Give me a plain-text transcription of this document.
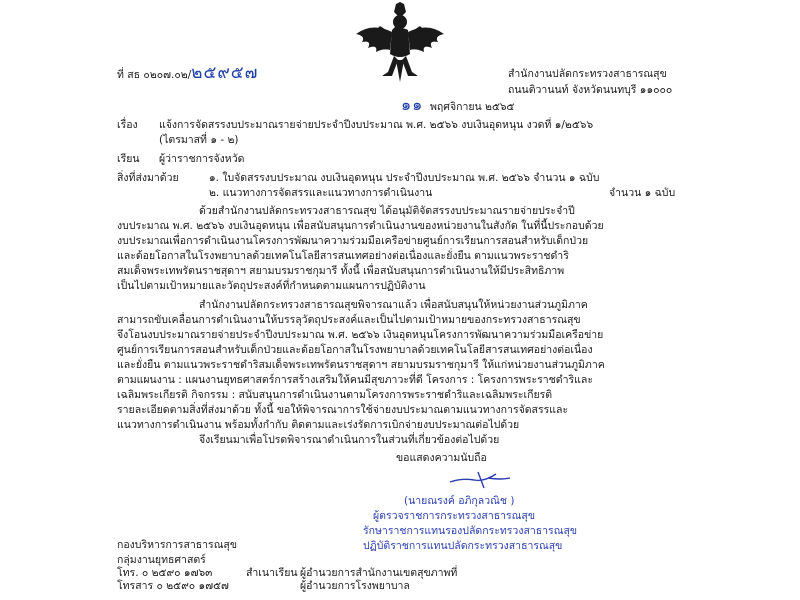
ที่ สธ ๐๒๐๗.๐๒/๒๕๙๕๗	สำนักงานปลัดกระทรวงสาธารณสุข
ถนนติวานนท์ จังหวัดนนทบุรี ๑๑๐๐๐
๑๑ พฤศจิกายน ๒๕๖๕
เรื่อง แจ้งการจัดสรรงบประมาณรายจ่ายประจำปีงบประมาณ พ.ศ. ๒๕๖๖ งบเงินอุดหนุน งวดที่ ๑/๒๕๖๖
(ไตรมาสที่ ๑ - ๒)
เรียน ผู้ว่าราชการจังหวัด
สิ่งที่ส่งมาด้วย	๑. ใบจัดสรรงบประมาณ งบเงินอุดหนุน ประจำปีงบประมาณ พ.ศ. ๒๕๖๖ จำนวน ๑ ฉบับ
๒. แนวทางการจัดสรรและแนวทางการดำเนินงาน	จำนวน ๑ ฉบับ
ด้วยสำนักงานปลัดกระทรวงสาธารณสุข ได้อนุมัติจัดสรรงบประมาณรายจ่ายประจำปี
งบประมาณ พ.ศ. ๒๕๖๖ งบเงินอุดหนุน เพื่อสนับสนุนการดำเนินงานของหน่วยงานในสังกัด ในที่นี้ประกอบด้วย
งบประมาณเพื่อการดำเนินงานโครงการพัฒนาความร่วมมือเครือข่ายศูนย์การเรียนการสอนสำหรับเด็กป่วย
และด้อยโอกาสในโรงพยาบาลด้วยเทคโนโลยีสารสนเทศอย่างต่อเนื่องและยั่งยืน ตามแนวพระราชดำริ
สมเด็จพระเทพรัตนราชสุดาฯ สยามบรมราชกุมารี ทั้งนี้ เพื่อสนับสนุนการดำเนินงานให้มีประสิทธิภาพ
เป็นไปตามเป้าหมายและวัตถุประสงค์ที่กำหนดตามแผนการปฏิบัติงาน
สำนักงานปลัดกระทรวงสาธารณสุขพิจารณาแล้ว เพื่อสนับสนุนให้หน่วยงานส่วนภูมิภาค
สามารถขับเคลื่อนการดำเนินงานให้บรรลุวัตถุประสงค์และเป็นไปตามเป้าหมายของกระทรวงสาธารณสุข
จึงโอนงบประมาณรายจ่ายประจำปีงบประมาณ พ.ศ. ๒๕๖๖ เงินอุดหนุนโครงการพัฒนาความร่วมมือเครือข่าย
ศูนย์การเรียนการสอนสำหรับเด็กป่วยและด้อยโอกาสในโรงพยาบาลด้วยเทคโนโลยีสารสนเทศอย่างต่อเนื่อง
และยั่งยืน ตามแนวพระราชดำริสมเด็จพระเทพรัตนราชสุดาฯ สยามบรมราชกุมารี ให้แก่หน่วยงานส่วนภูมิภาค
ตามแผนงาน : แผนงานยุทธศาสตร์การสร้างเสริมให้คนมีสุขภาวะที่ดี โครงการ : โครงการพระราชดำริและ
เฉลิมพระเกียรติ กิจกรรม : สนับสนุนการดำเนินงานตามโครงการพระราชดำริและเฉลิมพระเกียรติ
รายละเอียดตามสิ่งที่ส่งมาด้วย ทั้งนี้ ขอให้พิจารณาการใช้จ่ายงบประมาณตามแนวทางการจัดสรรและ
แนวทางการดำเนินงาน พร้อมทั้งกำกับ ติดตามและเร่งรัดการเบิกจ่ายงบประมาณต่อไปด้วย
จึงเรียนมาเพื่อโปรดพิจารณาดำเนินการในส่วนที่เกี่ยวข้องต่อไปด้วย
ขอแสดงความนับถือ
(นายณรงค์ อภิกุลวณิช )
ผู้ตรวจราชการกระทรวงสาธารณสุข
รักษาราชการแทนรองปลัดกระทรวงสาธารณสุข
ปฏิบัติราชการแทนปลัดกระทรวงสาธารณสุข
กองบริหารการสาธารณสุข
กลุ่มงานยุทธศาสตร์
โทร. ๐ ๒๕๙๐ ๑๗๖๓
โทรสาร ๐ ๒๕๙๐ ๑๗๕๗
สำเนาเรียน ผู้อำนวยการสำนักงานเขตสุขภาพที่
ผู้อำนวยการโรงพยาบาล
